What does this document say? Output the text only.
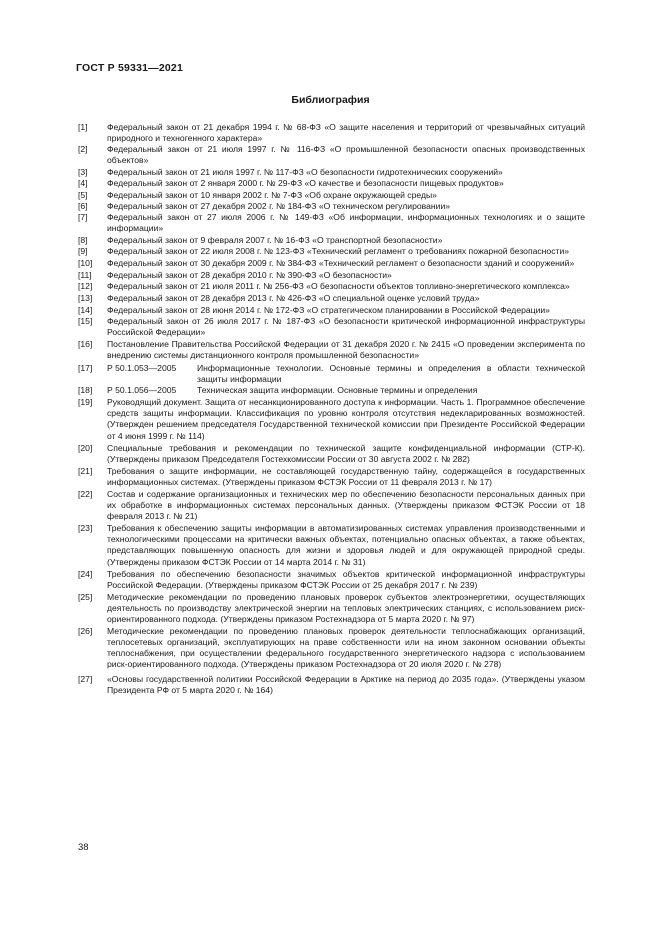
ГОСТ Р 59331—2021
Библиография
[1]	Федеральный закон от 21 декабря 1994 г. № 68-ФЗ «О защите населения и территорий от чрезвычайных ситуаций природного и техногенного характера»
[2]	Федеральный закон от 21 июля 1997 г. № 116-ФЗ «О промышленной безопасности опасных производственных объектов»
[3]	Федеральный закон от 21 июля 1997 г. № 117-ФЗ «О безопасности гидротехнических сооружений»
[4]	Федеральный закон от 2 января 2000 г. № 29-ФЗ «О качестве и безопасности пищевых продуктов»
[5]	Федеральный закон от 10 января 2002 г. № 7-ФЗ «Об охране окружающей среды»
[6]	Федеральный закон от 27 декабря 2002 г. № 184-ФЗ «О техническом регулировании»
[7]	Федеральный закон от 27 июля 2006 г. № 149-ФЗ «Об информации, информационных технологиях и о защите информации»
[8]	Федеральный закон от 9 февраля 2007 г. № 16-ФЗ «О транспортной безопасности»
[9]	Федеральный закон от 22 июля 2008 г. № 123-ФЗ «Технический регламент о требованиях пожарной безопасности»
[10]	Федеральный закон от 30 декабря 2009 г. № 384-ФЗ «Технический регламент о безопасности зданий и сооружений»
[11]	Федеральный закон от 28 декабря 2010 г. № 390-ФЗ «О безопасности»
[12]	Федеральный закон от 21 июля 2011 г. № 256-ФЗ «О безопасности объектов топливно-энергетического комплекса»
[13]	Федеральный закон от 28 декабря 2013 г. № 426-ФЗ «О специальной оценке условий труда»
[14]	Федеральный закон от 28 июня 2014 г. № 172-ФЗ «О стратегическом планировании в Российской Федерации»
[15]	Федеральный закон от 26 июля 2017 г. № 187-ФЗ «О безопасности критической информационной инфраструктуры Российской Федерации»
[16]	Постановление Правительства Российской Федерации от 31 декабря 2020 г. № 2415 «О проведении эксперимента по внедрению системы дистанционного контроля промышленной безопасности»
[17]	Р 50.1.053—2005	Информационные технологии. Основные термины и определения в области технической защиты информации
[18]	Р 50.1.056—2005	Техническая защита информации. Основные термины и определения
[19]	Руководящий документ. Защита от несанкционированного доступа к информации. Часть 1. Программное обеспечение средств защиты информации. Классификация по уровню контроля отсутствия недекларированных возможностей. (Утвержден решением председателя Государственной технической комиссии при Президенте Российской Федерации от 4 июня 1999 г. № 114)
[20]	Специальные требования и рекомендации по технической защите конфиденциальной информации (СТР-К). (Утверждены приказом Председателя Гостехкомиссии России от 30 августа 2002 г. № 282)
[21]	Требования о защите информации, не составляющей государственную тайну, содержащейся в государственных информационных системах. (Утверждены приказом ФСТЭК России от 11 февраля 2013 г. № 17)
[22]	Состав и содержание организационных и технических мер по обеспечению безопасности персональных данных при их обработке в информационных системах персональных данных. (Утверждены приказом ФСТЭК России от 18 февраля 2013 г. № 21)
[23]	Требования к обеспечению защиты информации в автоматизированных системах управления производственными и технологическими процессами на критически важных объектах, потенциально опасных объектах, а также объектах, представляющих повышенную опасность для жизни и здоровья людей и для окружающей природной среды. (Утверждены приказом ФСТЭК России от 14 марта 2014 г. № 31)
[24]	Требования по обеспечению безопасности значимых объектов критической информационной инфраструктуры Российской Федерации. (Утверждены приказом ФСТЭК России от 25 декабря 2017 г. № 239)
[25]	Методические рекомендации по проведению плановых проверок субъектов электроэнергетики, осуществляющих деятельность по производству электрической энергии на тепловых электрических станциях, с использованием риск-ориентированного подхода. (Утверждены приказом Ростехнадзора от 5 марта 2020 г. № 97)
[26]	Методические рекомендации по проведению плановых проверок деятельности теплоснабжающих организаций, теплосетевых организаций, эксплуатирующих на праве собственности или на ином законном основании объекты теплоснабжения, при осуществлении федерального государственного энергетического надзора с использованием риск-ориентированного подхода. (Утверждены приказом Ростехнадзора от 20 июля 2020 г. № 278)
[27]	«Основы государственной политики Российской Федерации в Арктике на период до 2035 года». (Утверждены указом Президента РФ от 5 марта 2020 г. № 164)
38
